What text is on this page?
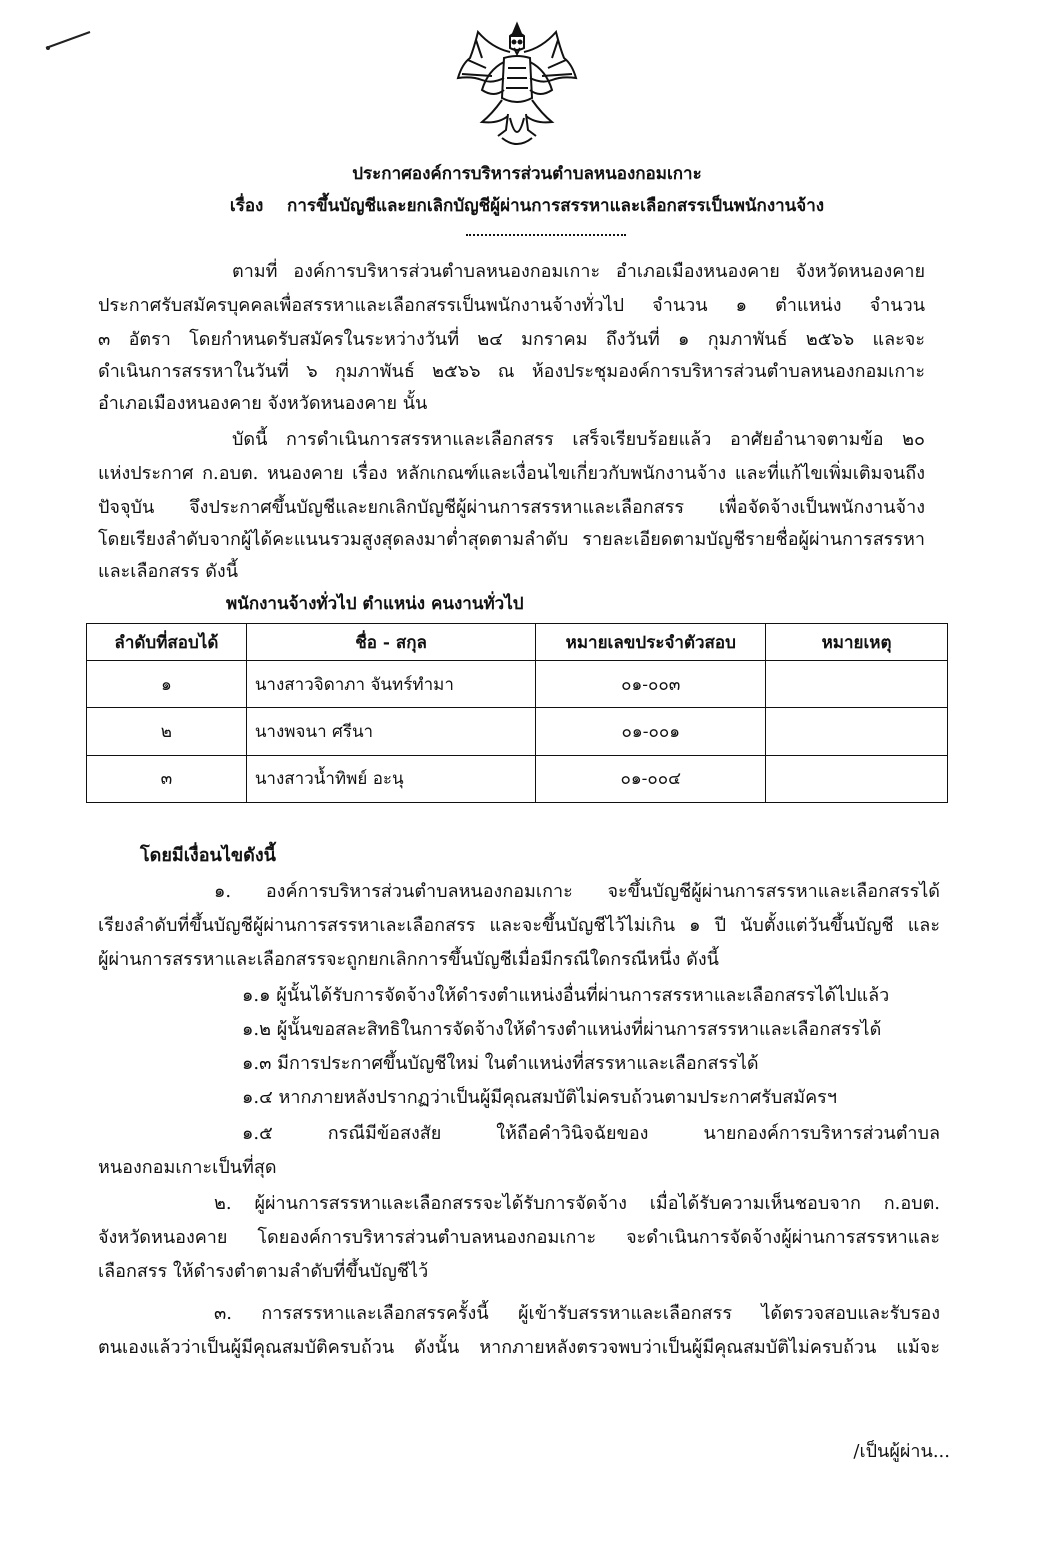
ประกาศองค์การบริหารส่วนตำบลหนองกอมเกาะ
เรื่อง การขึ้นบัญชีและยกเลิกบัญชีผู้ผ่านการสรรหาและเลือกสรรเป็นพนักงานจ้าง
ตามที่ องค์การบริหารส่วนตำบลหนองกอมเกาะ อำเภอเมืองหนองคาย จังหวัดหนองคาย
ประกาศรับสมัครบุคคลเพื่อสรรหาและเลือกสรรเป็นพนักงานจ้างทั่วไป จำนวน ๑ ตำแหน่ง จำนวน
๓ อัตรา โดยกำหนดรับสมัครในระหว่างวันที่ ๒๔ มกราคม ถึงวันที่ ๑ กุมภาพันธ์ ๒๕๖๖ และจะ
ดำเนินการสรรหาในวันที่ ๖ กุมภาพันธ์ ๒๕๖๖ ณ ห้องประชุมองค์การบริหารส่วนตำบลหนองกอมเกาะ
อำเภอเมืองหนองคาย จังหวัดหนองคาย นั้น
บัดนี้ การดำเนินการสรรหาและเลือกสรร เสร็จเรียบร้อยแล้ว อาศัยอำนาจตามข้อ ๒๐
แห่งประกาศ ก.อบต. หนองคาย เรื่อง หลักเกณฑ์และเงื่อนไขเกี่ยวกับพนักงานจ้าง และที่แก้ไขเพิ่มเติมจนถึง
ปัจจุบัน จึงประกาศขึ้นบัญชีและยกเลิกบัญชีผู้ผ่านการสรรหาและเลือกสรร เพื่อจัดจ้างเป็นพนักงานจ้าง
โดยเรียงลำดับจากผู้ได้คะแนนรวมสูงสุดลงมาต่ำสุดตามลำดับ รายละเอียดตามบัญชีรายชื่อผู้ผ่านการสรรหา
และเลือกสรร ดังนี้
พนักงานจ้างทั่วไป ตำแหน่ง คนงานทั่วไป
ลำดับที่สอบได้	ชื่อ - สกุล	หมายเลขประจำตัวสอบ	หมายเหตุ
๑	นางสาวจิดาภา จันทร์ทำมา	๐๑-๐๐๓	
๒	นางพจนา ศรีนา	๐๑-๐๐๑	
๓	นางสาวน้ำทิพย์ อะนุ	๐๑-๐๐๔	
โดยมีเงื่อนไขดังนี้
๑. องค์การบริหารส่วนตำบลหนองกอมเกาะ จะขึ้นบัญชีผู้ผ่านการสรรหาและเลือกสรรได้
เรียงลำดับที่ขึ้นบัญชีผู้ผ่านการสรรหาเละเลือกสรร และจะขึ้นบัญชีไว้ไม่เกิน ๑ ปี นับตั้งแต่วันขึ้นบัญชี และ
ผู้ผ่านการสรรหาและเลือกสรรจะถูกยกเลิกการขึ้นบัญชีเมื่อมีกรณีใดกรณีหนึ่ง ดังนี้
๑.๑ ผู้นั้นได้รับการจัดจ้างให้ดำรงตำแหน่งอื่นที่ผ่านการสรรหาและเลือกสรรได้ไปแล้ว
๑.๒ ผู้นั้นขอสละสิทธิในการจัดจ้างให้ดำรงตำแหน่งที่ผ่านการสรรหาและเลือกสรรได้
๑.๓ มีการประกาศขึ้นบัญชีใหม่ ในตำแหน่งที่สรรหาและเลือกสรรได้
๑.๔ หากภายหลังปรากฏว่าเป็นผู้มีคุณสมบัติไม่ครบถ้วนตามประกาศรับสมัครฯ
๑.๕ กรณีมีข้อสงสัย ให้ถือคำวินิจฉัยของ นายกองค์การบริหารส่วนตำบล
หนองกอมเกาะเป็นที่สุด
๒. ผู้ผ่านการสรรหาและเลือกสรรจะได้รับการจัดจ้าง เมื่อได้รับความเห็นชอบจาก ก.อบต.
จังหวัดหนองคาย โดยองค์การบริหารส่วนตำบลหนองกอมเกาะ จะดำเนินการจัดจ้างผู้ผ่านการสรรหาและ
เลือกสรร ให้ดำรงตำตามลำดับที่ขึ้นบัญชีไว้
๓. การสรรหาและเลือกสรรครั้งนี้ ผู้เข้ารับสรรหาและเลือกสรร ได้ตรวจสอบและรับรอง
ตนเองแล้วว่าเป็นผู้มีคุณสมบัติครบถ้วน ดังนั้น หากภายหลังตรวจพบว่าเป็นผู้มีคุณสมบัติไม่ครบถ้วน แม้จะ
/เป็นผู้ผ่าน...
